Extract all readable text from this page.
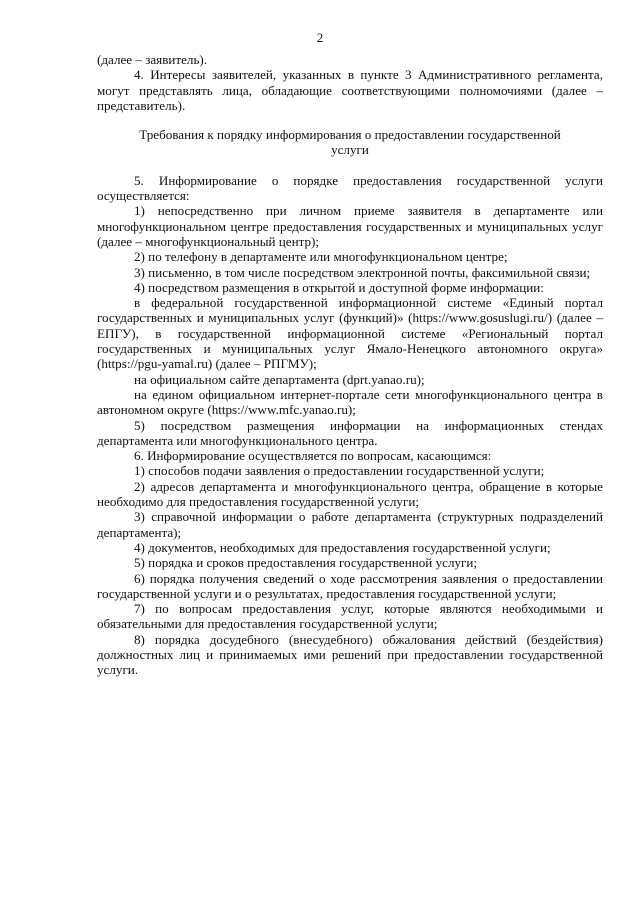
2

(далее – заявитель).

4. Интересы заявителей, указанных в пункте 3 Административного регламента, могут представлять лица, обладающие соответствующими полномочиями (далее – представитель).

Требования к порядку информирования о предоставлении государственной услуги

5. Информирование о порядке предоставления государственной услуги осуществляется:

1) непосредственно при личном приеме заявителя в департаменте или многофункциональном центре предоставления государственных и муниципальных услуг (далее – многофункциональный центр);

2) по телефону в департаменте или многофункциональном центре;

3) письменно, в том числе посредством электронной почты, факсимильной связи;

4) посредством размещения в открытой и доступной форме информации:

в федеральной государственной информационной системе «Единый портал государственных и муниципальных услуг (функций)» (https://www.gosuslugi.ru/) (далее – ЕПГУ), в государственной информационной системе «Региональный портал государственных и муниципальных услуг Ямало-Ненецкого автономного округа» (https://pgu-yamal.ru) (далее – РПГМУ);

на официальном сайте департамента (dprt.yanao.ru);

на едином официальном интернет-портале сети многофункционального центра в автономном округе (https://www.mfc.yanao.ru);

5) посредством размещения информации на информационных стендах департамента или многофункционального центра.

6. Информирование осуществляется по вопросам, касающимся:

1) способов подачи заявления о предоставлении государственной услуги;

2) адресов департамента и многофункционального центра, обращение в которые необходимо для предоставления государственной услуги;

3) справочной информации о работе департамента (структурных подразделений департамента);

4) документов, необходимых для предоставления государственной услуги;

5) порядка и сроков предоставления государственной услуги;

6) порядка получения сведений о ходе рассмотрения заявления о предоставлении государственной услуги и о результатах, предоставления государственной услуги;

7) по вопросам предоставления услуг, которые являются необходимыми и обязательными для предоставления государственной услуги;

8) порядка досудебного (внесудебного) обжалования действий (бездействия) должностных лиц и принимаемых ими решений при предоставлении государственной услуги.
